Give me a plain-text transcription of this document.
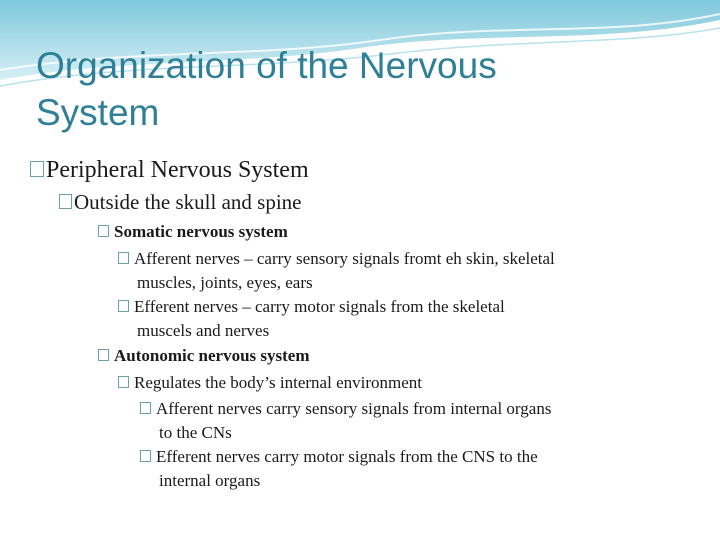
Organization of the Nervous
System
Peripheral Nervous System
Outside the skull and spine
Somatic nervous system
Afferent nerves – carry sensory signals fromt eh skin, skeletal
muscles, joints, eyes, ears
Efferent nerves – carry motor signals from the skeletal
muscels and nerves
Autonomic nervous system
Regulates the body’s internal environment
Afferent nerves carry sensory signals from internal organs
to the CNs
Efferent nerves carry motor signals from the CNS to the
internal organs
